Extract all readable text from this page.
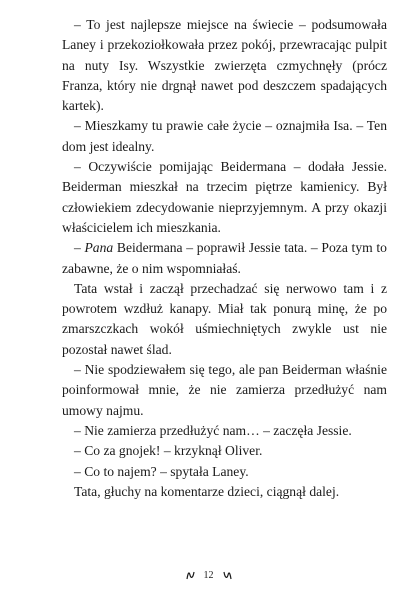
– To jest najlepsze miejsce na świecie – podsumowała Laney i przekoziołkowała przez pokój, przewracając pulpit na nuty Isy. Wszystkie zwierzęta czmychnęły (prócz Franza, który nie drgnął nawet pod deszczem spadających kartek).

– Mieszkamy tu prawie całe życie – oznajmiła Isa. – Ten dom jest idealny.

– Oczywiście pomijając Beidermana – dodała Jessie. Beiderman mieszkał na trzecim piętrze kamienicy. Był człowiekiem zdecydowanie nieprzyjemnym. A przy okazji właścicielem ich mieszkania.

– Pana Beidermana – poprawił Jessie tata. – Poza tym to zabawne, że o nim wspomniałaś.

Tata wstał i zaczął przechadzać się nerwowo tam i z powrotem wzdłuż kanapy. Miał tak ponurą minę, że po zmarszczkach wokół uśmiechniętych zwykle ust nie pozostał nawet ślad.

– Nie spodziewałem się tego, ale pan Beiderman właśnie poinformował mnie, że nie zamierza przedłużyć nam umowy najmu.

– Nie zamierza przedłużyć nam… – zaczęła Jessie.

– Co za gnojek! – krzyknął Oliver.

– Co to najem? – spytała Laney.

Tata, głuchy na komentarze dzieci, ciągnął dalej.

12
